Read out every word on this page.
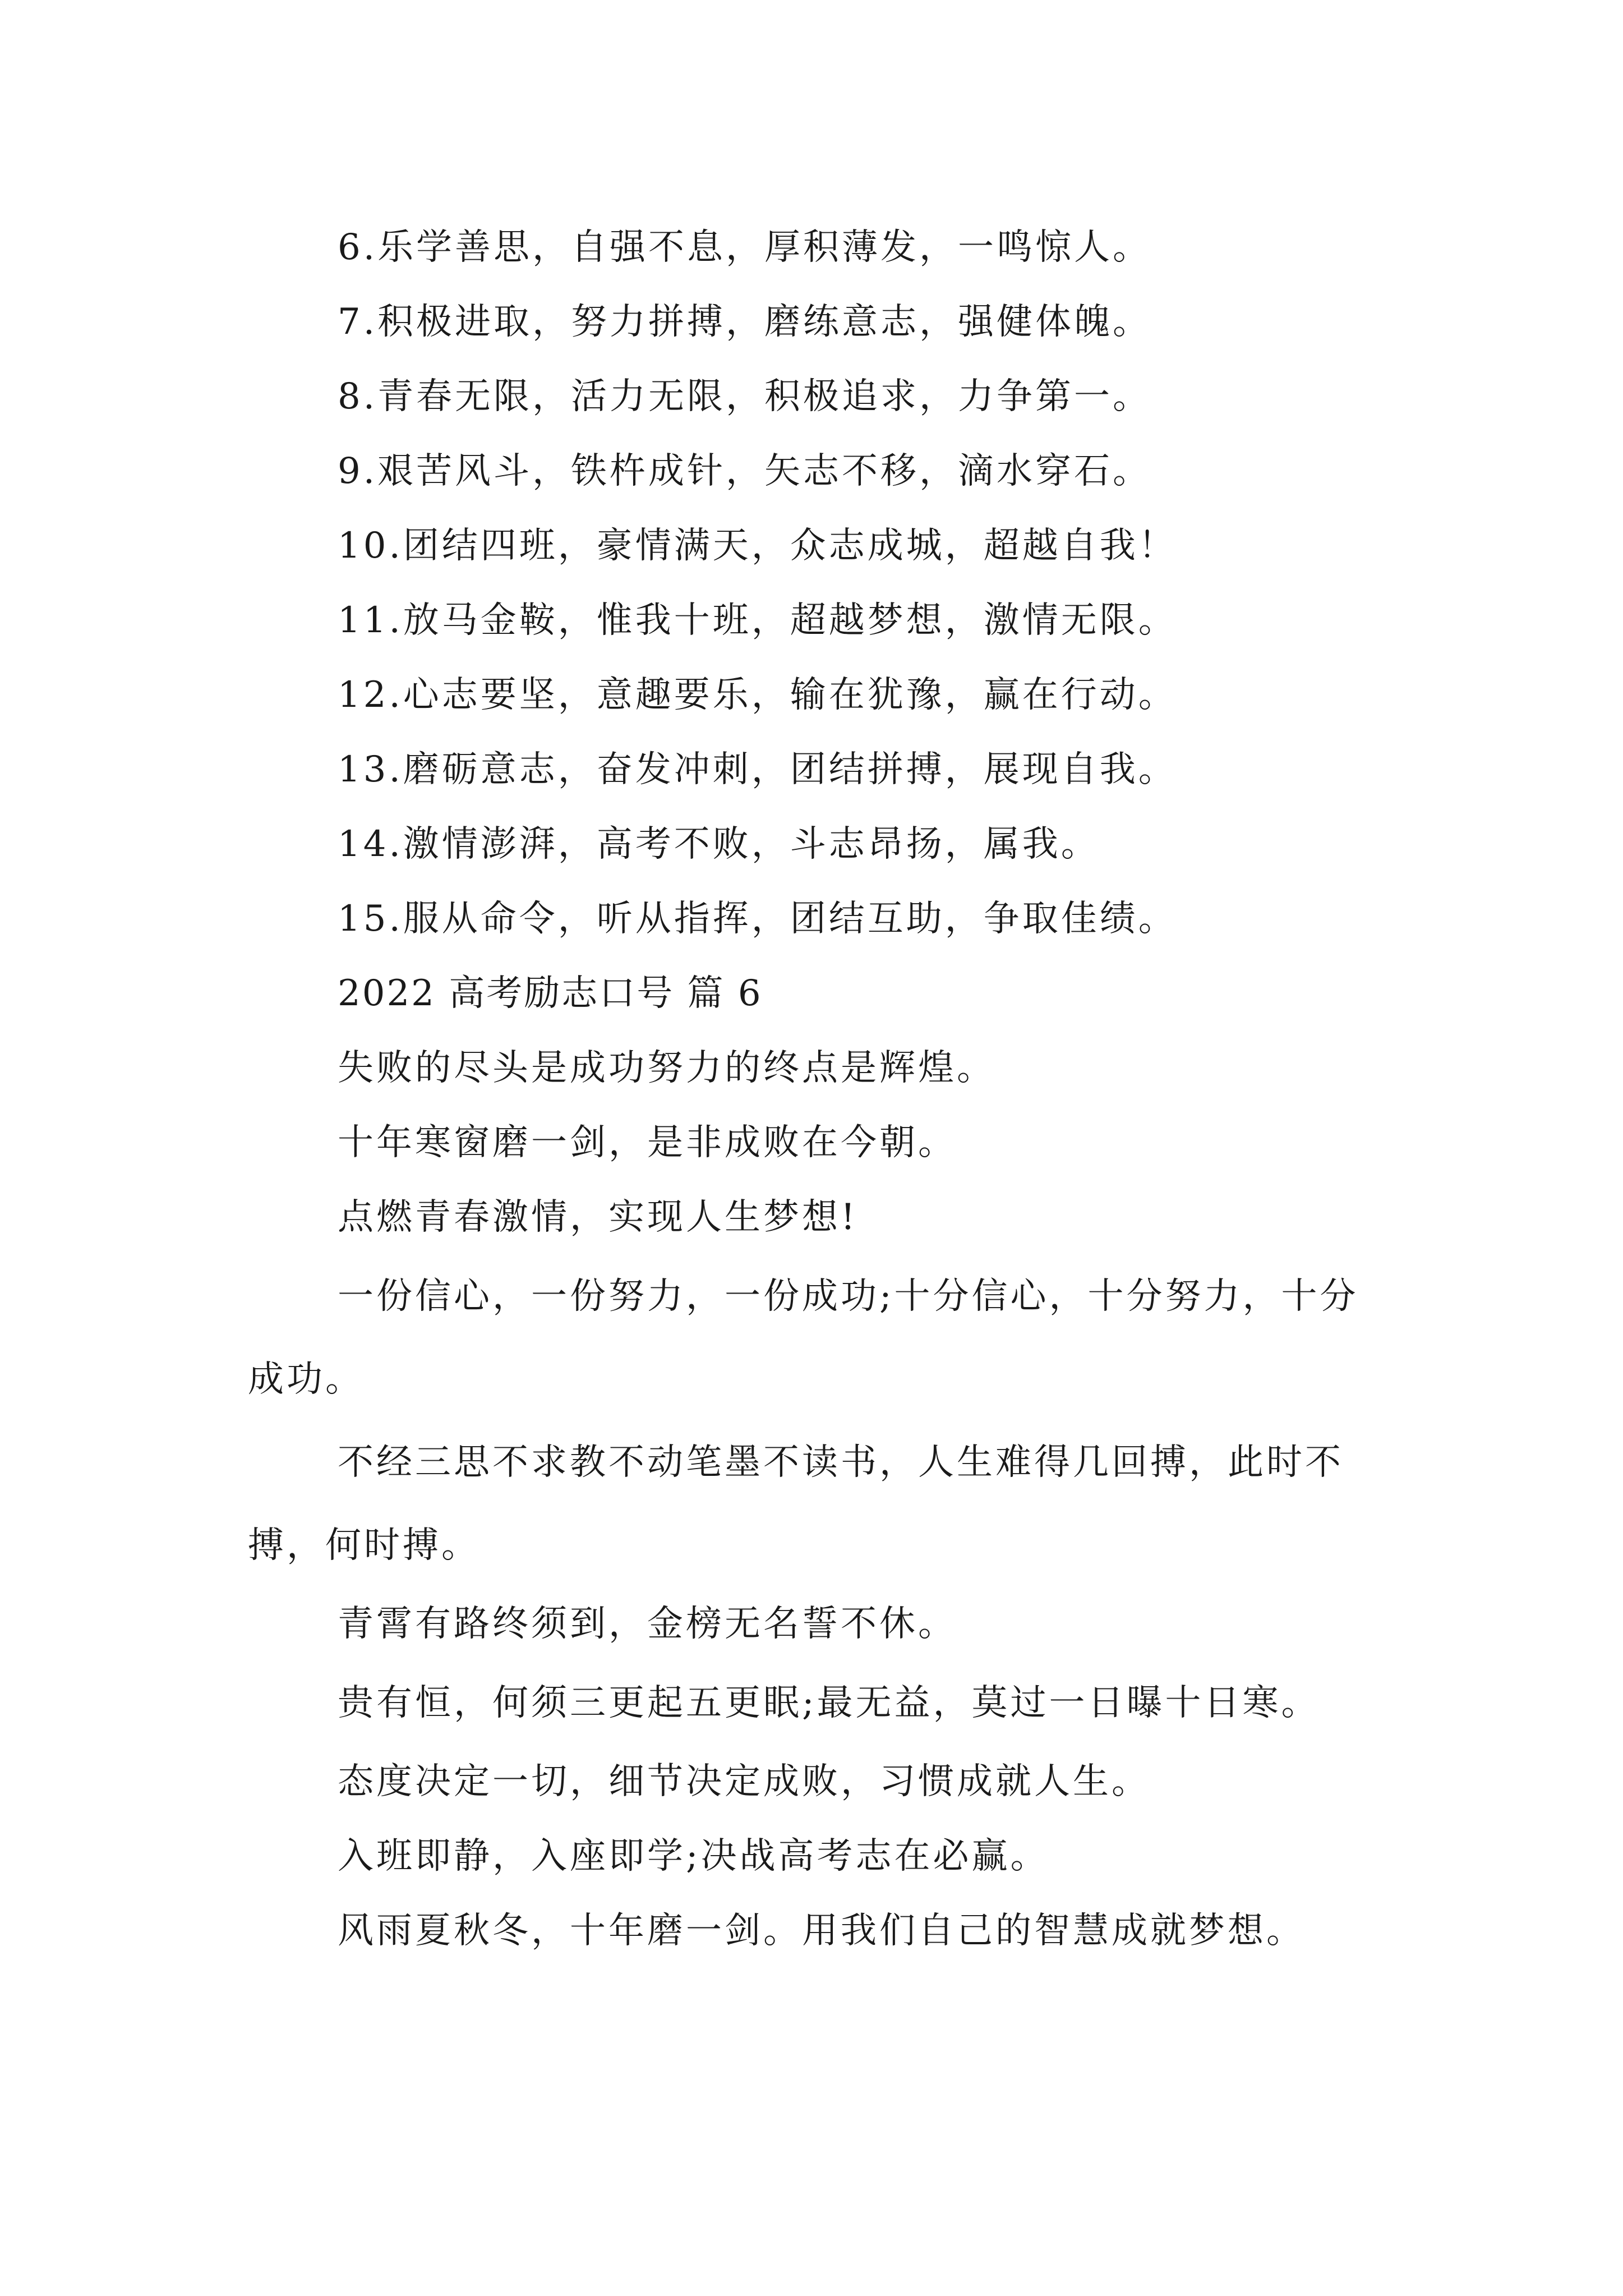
6.乐学善思，自强不息，厚积薄发，一鸣惊人。

7.积极进取，努力拼搏，磨练意志，强健体魄。

8.青春无限，活力无限，积极追求，力争第一。

9.艰苦风斗，铁杵成针，矢志不移，滴水穿石。

10.团结四班，豪情满天，众志成城，超越自我！

11.放马金鞍，惟我十班，超越梦想，激情无限。

12.心志要坚，意趣要乐，输在犹豫，赢在行动。

13.磨砺意志，奋发冲刺，团结拼搏，展现自我。

14.激情澎湃，高考不败，斗志昂扬，属我。

15.服从命令，听从指挥，团结互助，争取佳绩。

2022 高考励志口号 篇 6

失败的尽头是成功努力的终点是辉煌。

十年寒窗磨一剑，是非成败在今朝。

点燃青春激情，实现人生梦想!

一份信心，一份努力，一份成功;十分信心，十分努力，十分成功。

不经三思不求教不动笔墨不读书，人生难得几回搏，此时不搏，何时搏。

青霄有路终须到，金榜无名誓不休。

贵有恒，何须三更起五更眠;最无益，莫过一日曝十日寒。

态度决定一切，细节决定成败，习惯成就人生。

入班即静，入座即学;决战高考志在必赢。

风雨夏秋冬，十年磨一剑。用我们自己的智慧成就梦想。
